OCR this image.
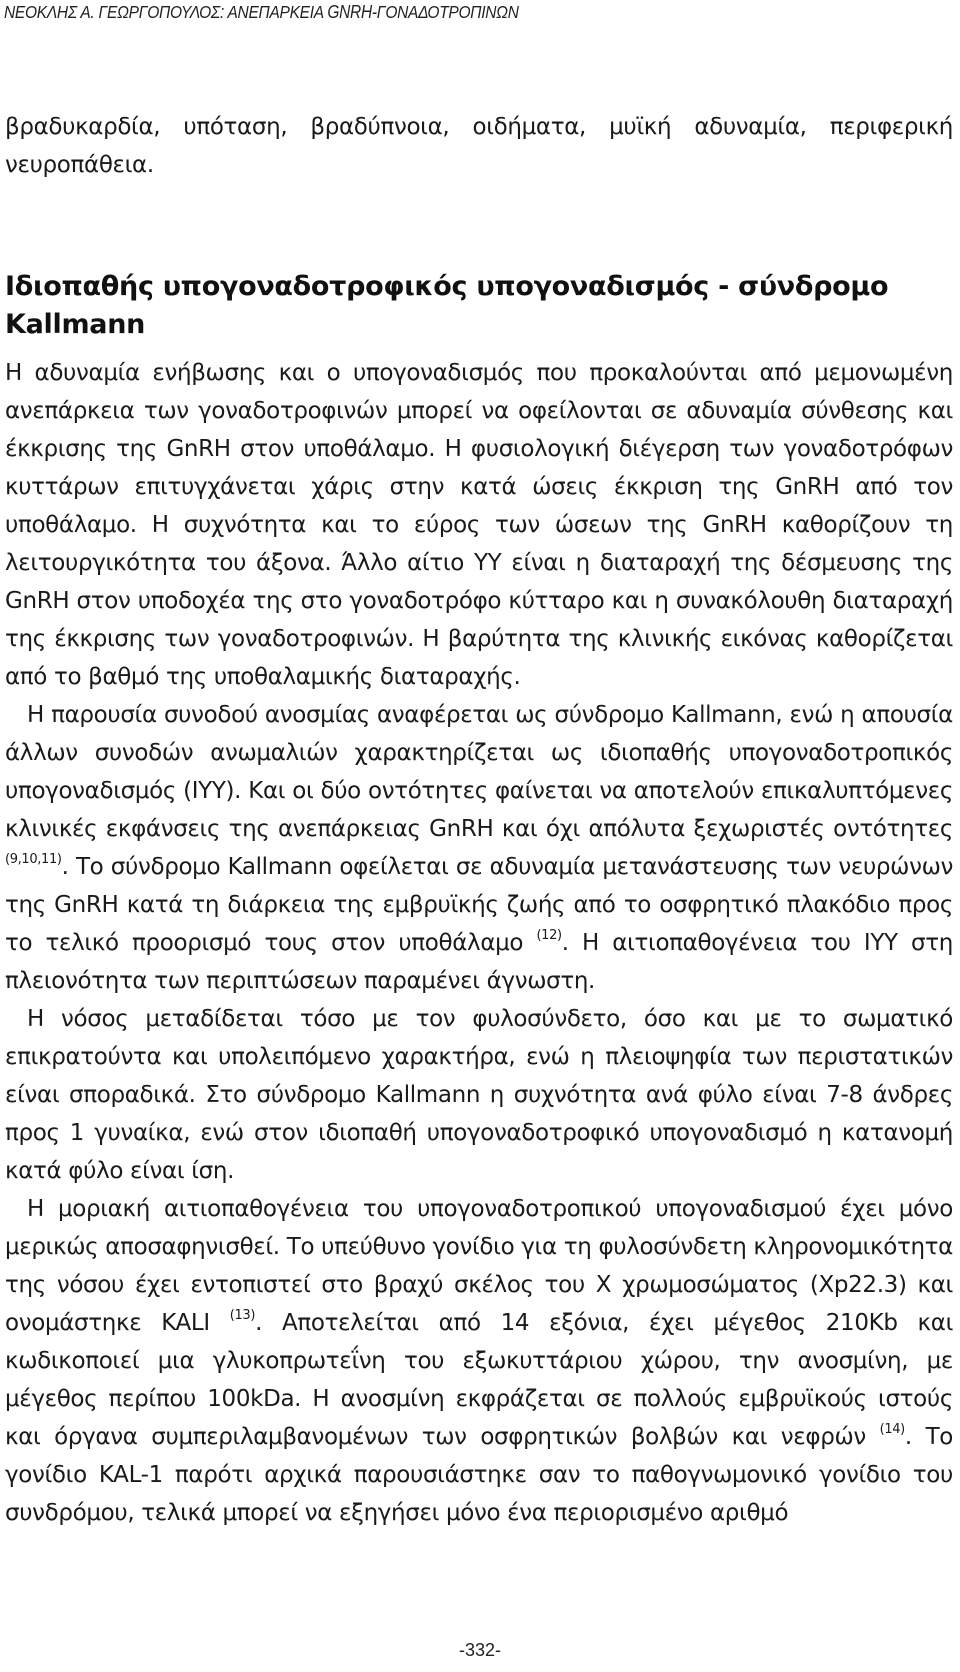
ΝΕΟΚΛΗΣ Α. ΓΕΩΡΓΟΠΟΥΛΟΣ: ΑΝΕΠΑΡΚΕΙΑ GNRH-ΓΟΝΑΔΟΤΡΟΠΙΝΩΝ

βραδυκαρδία, υπόταση, βραδύπνοια, οιδήματα, μυϊκή αδυναμία, περιφερική νευροπάθεια.

Ιδιοπαθής υπογοναδοτροφικός υπογοναδισμός - σύνδρομο Kallmann

Η αδυναμία ενήβωσης και ο υπογοναδισμός που προκαλούνται από μεμονωμένη ανεπάρκεια των γοναδοτροφινών μπορεί να οφείλονται σε αδυναμία σύνθεσης και έκκρισης της GnRH στον υποθάλαμο. Η φυσιολογική διέγερση των γοναδοτρόφων κυττάρων επιτυγχάνεται χάρις στην κατά ώσεις έκκριση της GnRH από τον υποθάλαμο. Η συχνότητα και το εύρος των ώσεων της GnRH καθορίζουν τη λειτουργικότητα του άξονα. Άλλο αίτιο ΥΥ είναι η διαταραχή της δέσμευσης της GnRH στον υποδοχέα της στο γοναδοτρόφο κύτταρο και η συνακόλουθη διαταραχή της έκκρισης των γοναδοτροφινών. Η βαρύτητα της κλινικής εικόνας καθορίζεται από το βαθμό της υποθαλαμικής διαταραχής.

Η παρουσία συνοδού ανοσμίας αναφέρεται ως σύνδρομο Kallmann, ενώ η απουσία άλλων συνοδών ανωμαλιών χαρακτηρίζεται ως ιδιοπαθής υπογοναδοτροπικός υπογοναδισμός (ΙΥΥ). Και οι δύο οντότητες φαίνεται να αποτελούν επικαλυπτόμενες κλινικές εκφάνσεις της ανεπάρκειας GnRH και όχι απόλυτα ξεχωριστές οντότητες $^{(9,10,11)}$. Το σύνδρομο Kallmann οφείλεται σε αδυναμία μετανάστευσης των νευρώνων της GnRH κατά τη διάρκεια της εμβρυϊκής ζωής από το οσφρητικό πλακόδιο προς το τελικό προορισμό τους στον υποθάλαμο $^{(12)}$. Η αιτιοπαθογένεια του ΙΥΥ στη πλειονότητα των περιπτώσεων παραμένει άγνωστη.

Η νόσος μεταδίδεται τόσο με τον φυλοσύνδετο, όσο και με το σωματικό επικρατούντα και υπολειπόμενο χαρακτήρα, ενώ η πλειοψηφία των περιστατικών είναι σποραδικά. Στο σύνδρομο Kallmann η συχνότητα ανά φύλο είναι 7-8 άνδρες προς 1 γυναίκα, ενώ στον ιδιοπαθή υπογοναδοτροφικό υπογοναδισμό η κατανομή κατά φύλο είναι ίση.

Η μοριακή αιτιοπαθογένεια του υπογοναδοτροπικού υπογοναδισμού έχει μόνο μερικώς αποσαφηνισθεί. Το υπεύθυνο γονίδιο για τη φυλοσύνδετη κληρονομικότητα της νόσου έχει εντοπιστεί στο βραχύ σκέλος του Χ χρωμοσώματος (Xp22.3) και ονομάστηκε KALI $^{(13)}$. Αποτελείται από 14 εξόνια, έχει μέγεθος 210Kb και κωδικοποιεί μια γλυκοπρωτεΐνη του εξωκυττάριου χώρου, την ανοσμίνη, με μέγεθος περίπου 100kDa. Η ανοσμίνη εκφράζεται σε πολλούς εμβρυϊκούς ιστούς και όργανα συμπεριλαμβανομένων των οσφρητικών βολβών και νεφρών $^{(14)}$. Το γονίδιο KAL-1 παρότι αρχικά παρουσιάστηκε σαν το παθογνωμονικό γονίδιο του συνδρόμου, τελικά μπορεί να εξηγήσει μόνο ένα περιορισμένο αριθμό

-332-
